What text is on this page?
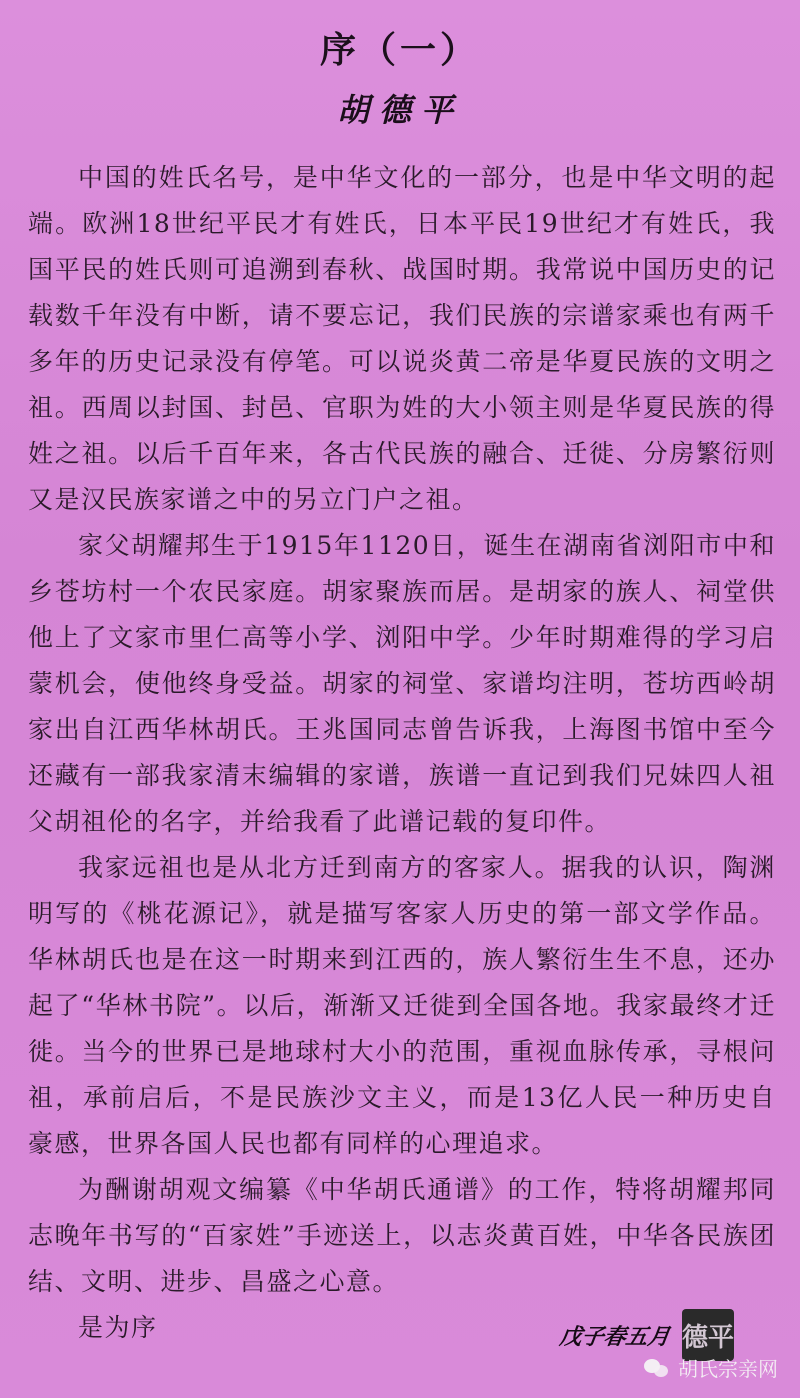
序（一）
胡德平

中国的姓氏名号，是中华文化的一部分，也是中华文明的起端。欧洲18世纪平民才有姓氏，日本平民19世纪才有姓氏，我国平民的姓氏则可追溯到春秋、战国时期。我常说中国历史的记载数千年没有中断，请不要忘记，我们民族的宗谱家乘也有两千多年的历史记录没有停笔。可以说炎黄二帝是华夏民族的文明之祖。西周以封国、封邑、官职为姓的大小领主则是华夏民族的得姓之祖。以后千百年来，各古代民族的融合、迁徙、分房繁衍则又是汉民族家谱之中的另立门户之祖。

家父胡耀邦生于1915年1120日，诞生在湖南省浏阳市中和乡苍坊村一个农民家庭。胡家聚族而居。是胡家的族人、祠堂供他上了文家市里仁高等小学、浏阳中学。少年时期难得的学习启蒙机会，使他终身受益。胡家的祠堂、家谱均注明，苍坊西岭胡家出自江西华林胡氏。王兆国同志曾告诉我，上海图书馆中至今还藏有一部我家清末编辑的家谱，族谱一直记到我们兄妹四人祖父胡祖伦的名字，并给我看了此谱记载的复印件。

我家远祖也是从北方迁到南方的客家人。据我的认识，陶渊明写的《桃花源记》，就是描写客家人历史的第一部文学作品。华林胡氏也是在这一时期来到江西的，族人繁衍生生不息，还办起了“华林书院”。以后，渐渐又迁徙到全国各地。我家最终才迁徙。当今的世界已是地球村大小的范围，重视血脉传承，寻根问祖，承前启后，不是民族沙文主义，而是13亿人民一种历史自豪感，世界各国人民也都有同样的心理追求。

为酬谢胡观文编纂《中华胡氏通谱》的工作，特将胡耀邦同志晚年书写的“百家姓”手迹送上，以志炎黄百姓，中华各民族团结、文明、进步、昌盛之心意。

是为序	戊子春五月 德平
胡氏宗亲网
